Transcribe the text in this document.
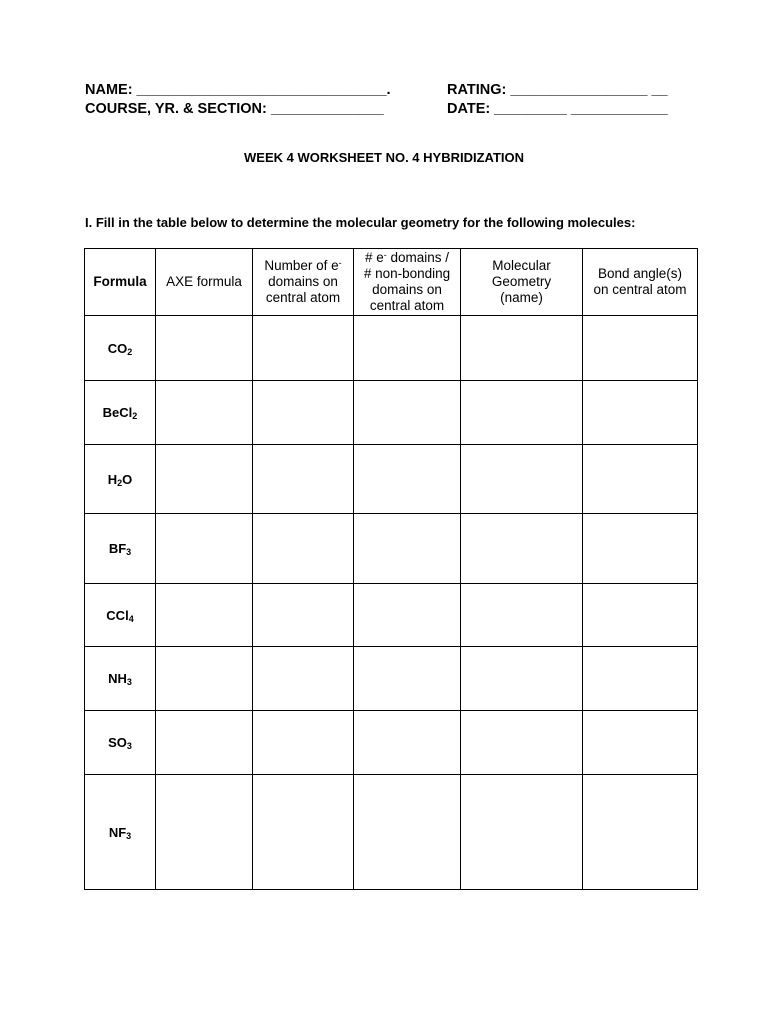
NAME: _______________________________.	RATING: _________________ __
COURSE, YR. & SECTION: ______________	DATE: _________ ____________
WEEK 4 WORKSHEET NO. 4 HYBRIDIZATION
I. Fill in the table below to determine the molecular geometry for the following molecules:
Formula	AXE formula	Number of e-
domains on
central atom	# e- domains /
# non-bonding
domains on
central atom	Molecular
Geometry
(name)	Bond angle(s)
on central atom
$CO_2$					
BeCl$_2$					
$H_2O$					
$BF_3$					
CCl$_4$					
$NH_3$					
$SO_3$					
$NF_3$					
